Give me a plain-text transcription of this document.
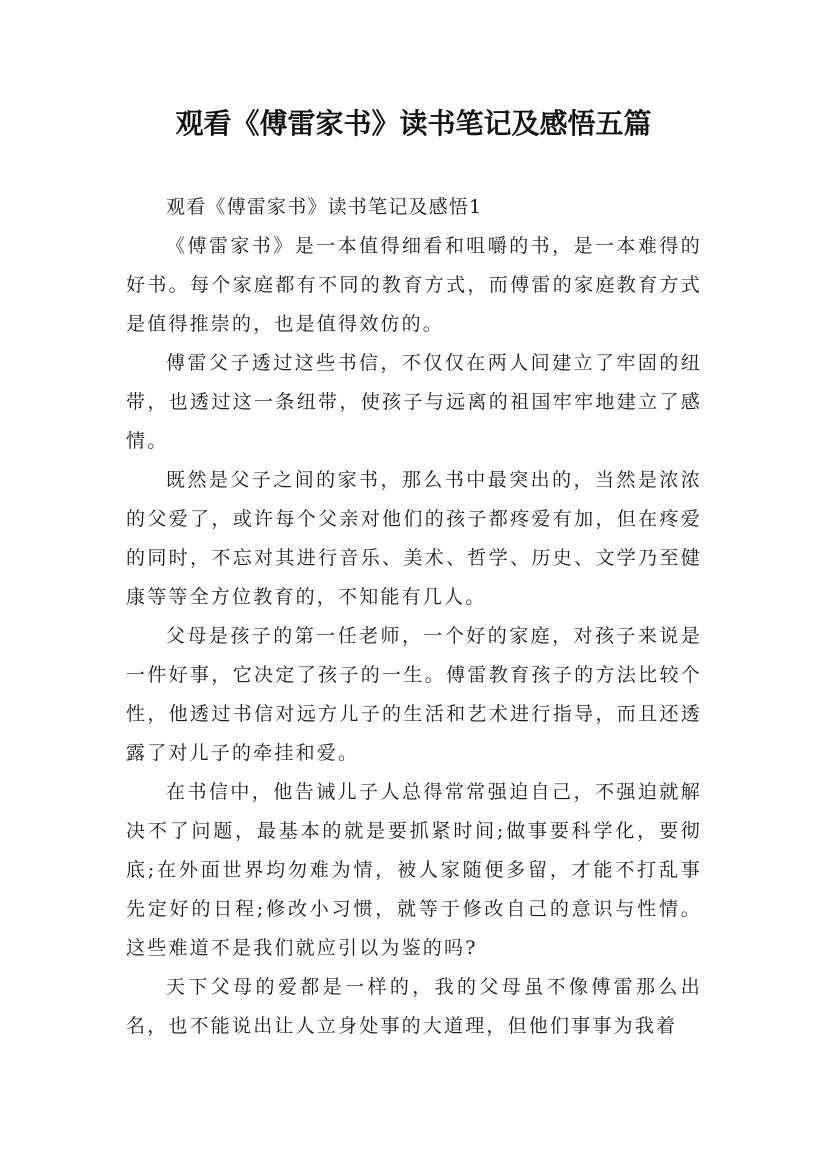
观看《傅雷家书》读书笔记及感悟五篇

观看《傅雷家书》读书笔记及感悟1

《傅雷家书》是一本值得细看和咀嚼的书，是一本难得的好书。每个家庭都有不同的教育方式，而傅雷的家庭教育方式是值得推崇的，也是值得效仿的。

傅雷父子透过这些书信，不仅仅在两人间建立了牢固的纽带，也透过这一条纽带，使孩子与远离的祖国牢牢地建立了感情。

既然是父子之间的家书，那么书中最突出的，当然是浓浓的父爱了，或许每个父亲对他们的孩子都疼爱有加，但在疼爱的同时，不忘对其进行音乐、美术、哲学、历史、文学乃至健康等等全方位教育的，不知能有几人。

父母是孩子的第一任老师，一个好的家庭，对孩子来说是一件好事，它决定了孩子的一生。傅雷教育孩子的方法比较个性，他透过书信对远方儿子的生活和艺术进行指导，而且还透露了对儿子的牵挂和爱。

在书信中，他告诫儿子人总得常常强迫自己，不强迫就解决不了问题，最基本的就是要抓紧时间;做事要科学化，要彻底;在外面世界均勿难为情，被人家随便多留，才能不打乱事先定好的日程;修改小习惯，就等于修改自己的意识与性情。这些难道不是我们就应引以为鉴的吗?

天下父母的爱都是一样的，我的父母虽不像傅雷那么出名，也不能说出让人立身处事的大道理，但他们事事为我着
